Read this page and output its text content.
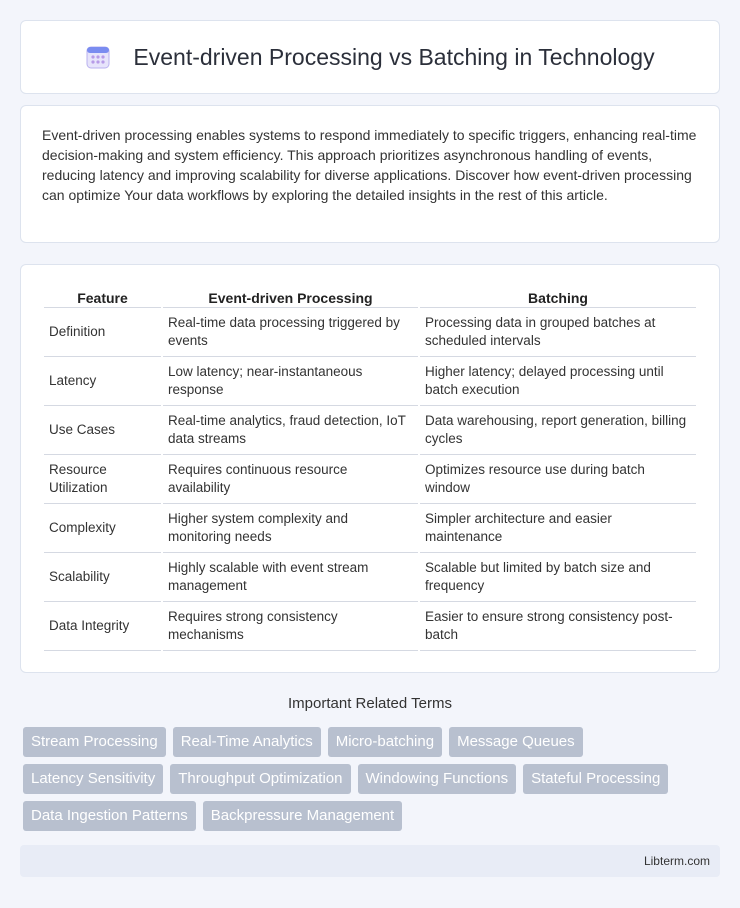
Event-driven Processing vs Batching in Technology

Event-driven processing enables systems to respond immediately to specific triggers, enhancing real-time decision-making and system efficiency. This approach prioritizes asynchronous handling of events, reducing latency and improving scalability for diverse applications. Discover how event-driven processing can optimize Your data workflows by exploring the detailed insights in the rest of this article.

Feature	Event-driven Processing	Batching
Definition	Real-time data processing triggered by events	Processing data in grouped batches at scheduled intervals
Latency	Low latency; near-instantaneous response	Higher latency; delayed processing until batch execution
Use Cases	Real-time analytics, fraud detection, IoT data streams	Data warehousing, report generation, billing cycles
Resource Utilization	Requires continuous resource availability	Optimizes resource use during batch window
Complexity	Higher system complexity and monitoring needs	Simpler architecture and easier maintenance
Scalability	Highly scalable with event stream management	Scalable but limited by batch size and frequency
Data Integrity	Requires strong consistency mechanisms	Easier to ensure strong consistency post-batch
Important Related Terms
Stream Processing	Real-Time Analytics	Micro-batching	Message Queues
Latency Sensitivity	Throughput Optimization	Windowing Functions	Stateful Processing
Data Ingestion Patterns	Backpressure Management
Libterm.com
